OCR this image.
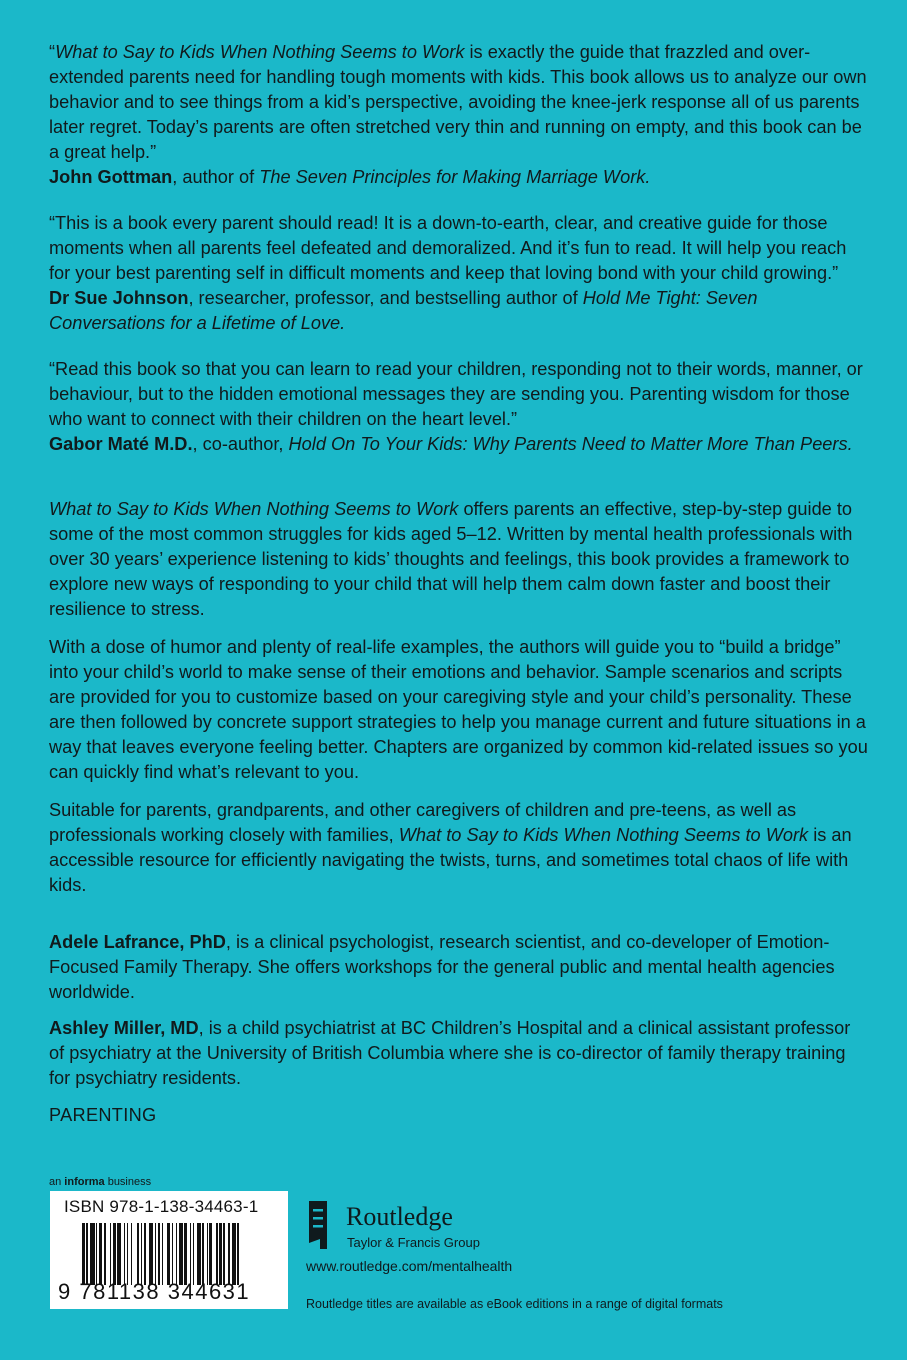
“What to Say to Kids When Nothing Seems to Work is exactly the guide that frazzled and over-extended parents need for handling tough moments with kids. This book allows us to analyze our own behavior and to see things from a kid’s perspective, avoiding the knee-jerk response all of us parents later regret. Today’s parents are often stretched very thin and running on empty, and this book can be a great help.”

John Gottman, author of The Seven Principles for Making Marriage Work.

“This is a book every parent should read! It is a down-to-earth, clear, and creative guide for those moments when all parents feel defeated and demoralized. And it’s fun to read. It will help you reach for your best parenting self in difficult moments and keep that loving bond with your child growing.”

Dr Sue Johnson, researcher, professor, and bestselling author of Hold Me Tight: Seven Conversations for a Lifetime of Love.

“Read this book so that you can learn to read your children, responding not to their words, manner, or behaviour, but to the hidden emotional messages they are sending you. Parenting wisdom for those who want to connect with their children on the heart level.”

Gabor Maté M.D., co-author, Hold On To Your Kids: Why Parents Need to Matter More Than Peers.

What to Say to Kids When Nothing Seems to Work offers parents an effective, step-by-step guide to some of the most common struggles for kids aged 5–12. Written by mental health professionals with over 30 years’ experience listening to kids’ thoughts and feelings, this book provides a framework to explore new ways of responding to your child that will help them calm down faster and boost their resilience to stress.

With a dose of humor and plenty of real-life examples, the authors will guide you to “build a bridge” into your child’s world to make sense of their emotions and behavior. Sample scenarios and scripts are provided for you to customize based on your caregiving style and your child’s personality. These are then followed by concrete support strategies to help you manage current and future situations in a way that leaves everyone feeling better. Chapters are organized by common kid-related issues so you can quickly find what’s relevant to you.

Suitable for parents, grandparents, and other caregivers of children and pre-teens, as well as professionals working closely with families, What to Say to Kids When Nothing Seems to Work is an accessible resource for efficiently navigating the twists, turns, and sometimes total chaos of life with kids.

Adele Lafrance, PhD, is a clinical psychologist, research scientist, and co-developer of Emotion-Focused Family Therapy. She offers workshops for the general public and mental health agencies worldwide.

Ashley Miller, MD, is a child psychiatrist at BC Children’s Hospital and a clinical assistant professor of psychiatry at the University of British Columbia where she is co-director of family therapy training for psychiatry residents.

PARENTING
an informa business
ISBN 978-1-138-34463-1
9 781138 344631
Routledge
Taylor & Francis Group
www.routledge.com/mentalhealth
Routledge titles are available as eBook editions in a range of digital formats
